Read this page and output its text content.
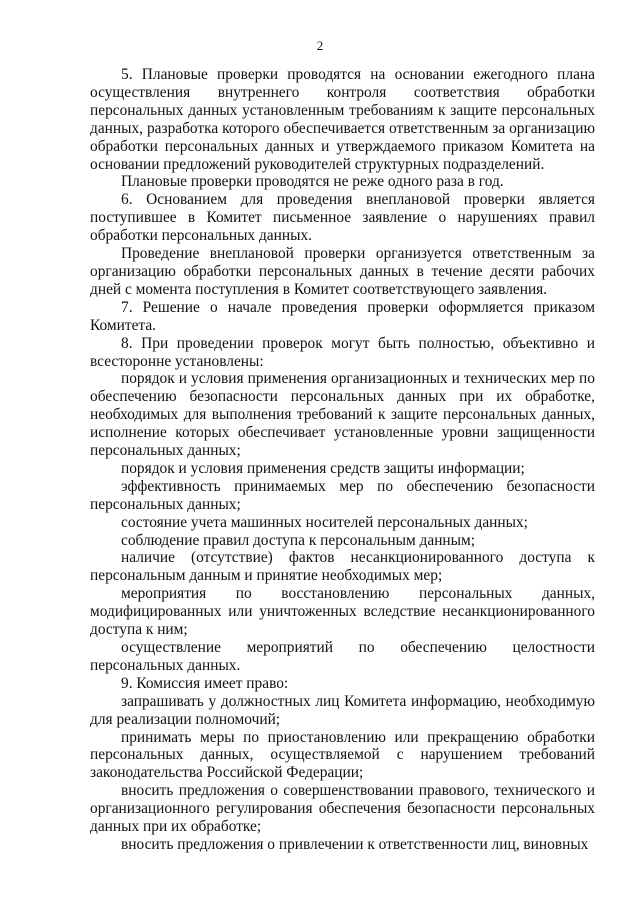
2

5. Плановые проверки проводятся на основании ежегодного плана осуществления внутреннего контроля соответствия обработки персональных данных установленным требованиям к защите персональных данных, разработка которого обеспечивается ответственным за организацию обработки персональных данных и утверждаемого приказом Комитета на основании предложений руководителей структурных подразделений.

Плановые проверки проводятся не реже одного раза в год.

6. Основанием для проведения внеплановой проверки является поступившее в Комитет письменное заявление о нарушениях правил обработки персональных данных.

Проведение внеплановой проверки организуется ответственным за организацию обработки персональных данных в течение десяти рабочих дней с момента поступления в Комитет соответствующего заявления.

7. Решение о начале проведения проверки оформляется приказом Комитета.

8. При проведении проверок могут быть полностью, объективно и всесторонне установлены:

порядок и условия применения организационных и технических мер по обеспечению безопасности персональных данных при их обработке, необходимых для выполнения требований к защите персональных данных, исполнение которых обеспечивает установленные уровни защищенности персональных данных;

порядок и условия применения средств защиты информации;

эффективность принимаемых мер по обеспечению безопасности персональных данных;

состояние учета машинных носителей персональных данных;

соблюдение правил доступа к персональным данным;

наличие (отсутствие) фактов несанкционированного доступа к персональным данным и принятие необходимых мер;

мероприятия по восстановлению персональных данных, модифицированных или уничтоженных вследствие несанкционированного доступа к ним;

осуществление мероприятий по обеспечению целостности персональных данных.

9. Комиссия имеет право:

запрашивать у должностных лиц Комитета информацию, необходимую для реализации полномочий;

принимать меры по приостановлению или прекращению обработки персональных данных, осуществляемой с нарушением требований законодательства Российской Федерации;

вносить предложения о совершенствовании правового, технического и организационного регулирования обеспечения безопасности персональных данных при их обработке;

вносить предложения о привлечении к ответственности лиц, виновных
